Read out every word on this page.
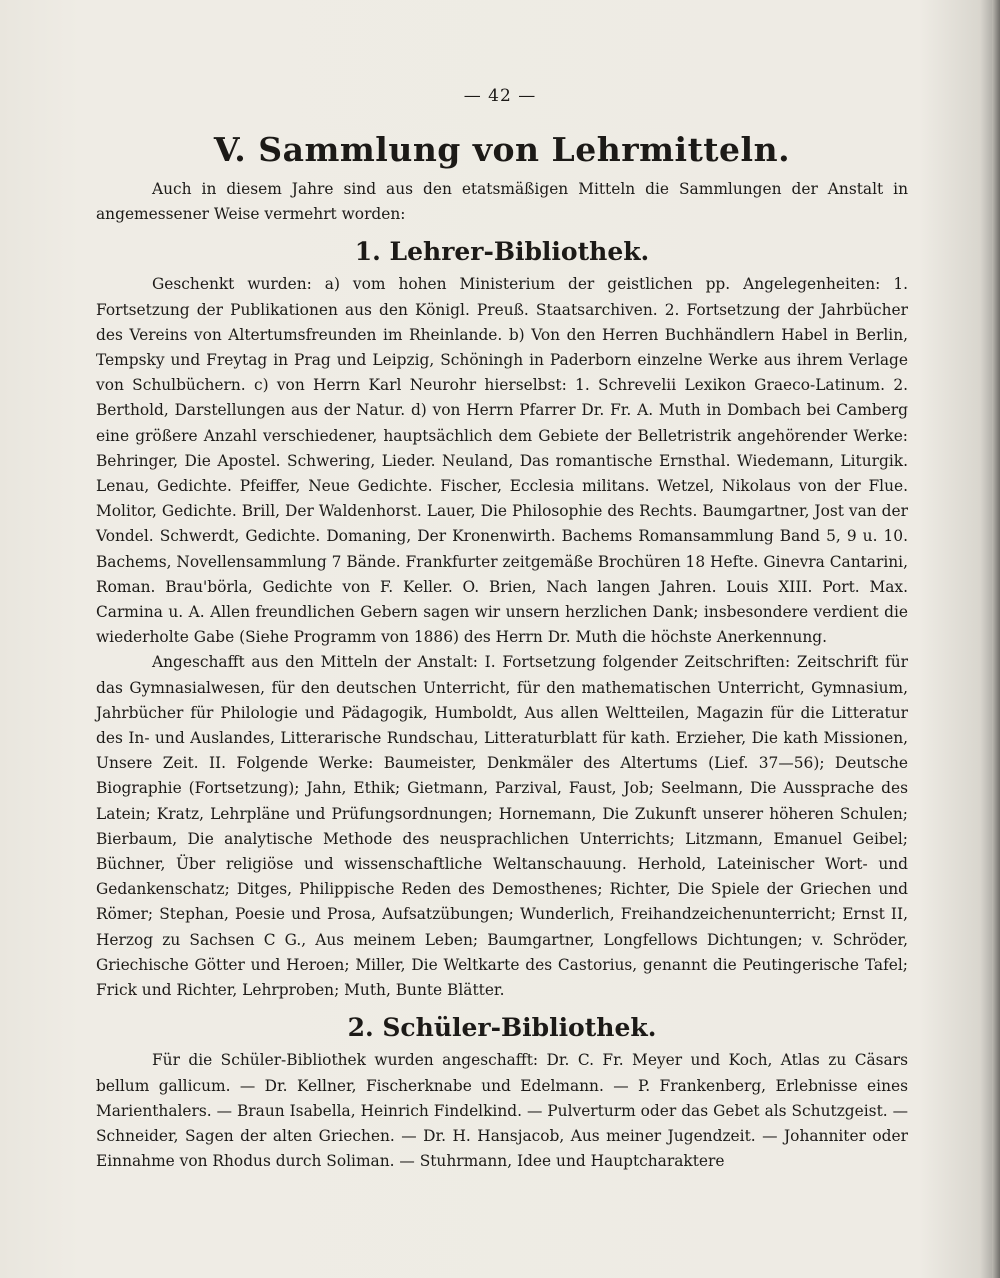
— 42 —
V. Sammlung von Lehrmitteln.

Auch in diesem Jahre sind aus den etatsmäßigen Mitteln die Sammlungen der Anstalt in angemessener Weise vermehrt worden:

1. Lehrer-Bibliothek.

Geschenkt wurden: a) vom hohen Ministerium der geistlichen pp. Angelegenheiten: 1. Fortsetzung der Publikationen aus den Königl. Preuß. Staatsarchiven. 2. Fortsetzung der Jahrbücher des Vereins von Altertumsfreunden im Rheinlande. b) Von den Herren Buchhändlern Habel in Berlin, Tempsky und Freytag in Prag und Leipzig, Schöningh in Paderborn einzelne Werke aus ihrem Verlage von Schulbüchern. c) von Herrn Karl Neurohr hierselbst: 1. Schrevelii Lexikon Graeco-Latinum. 2. Berthold, Darstellungen aus der Natur. d) von Herrn Pfarrer Dr. Fr. A. Muth in Dombach bei Camberg eine größere Anzahl verschiedener, hauptsächlich dem Gebiete der Belletristrik angehörender Werke: Behringer, Die Apostel. Schwering, Lieder. Neuland, Das romantische Ernsthal. Wiedemann, Liturgik. Lenau, Gedichte. Pfeiffer, Neue Gedichte. Fischer, Ecclesia militans. Wetzel, Nikolaus von der Flue. Molitor, Gedichte. Brill, Der Waldenhorst. Lauer, Die Philosophie des Rechts. Baumgartner, Jost van der Vondel. Schwerdt, Gedichte. Domaning, Der Kronenwirth. Bachems Romansammlung Band 5, 9 u. 10. Bachems, Novellensammlung 7 Bände. Frankfurter zeitgemäße Brochüren 18 Hefte. Ginevra Cantarini, Roman. Brau'börla, Gedichte von F. Keller. O. Brien, Nach langen Jahren. Louis XIII. Port. Max. Carmina u. A. Allen freundlichen Gebern sagen wir unsern herzlichen Dank; insbesondere verdient die wiederholte Gabe (Siehe Programm von 1886) des Herrn Dr. Muth die höchste Anerkennung.

Angeschafft aus den Mitteln der Anstalt: I. Fortsetzung folgender Zeitschriften: Zeitschrift für das Gymnasialwesen, für den deutschen Unterricht, für den mathematischen Unterricht, Gymnasium, Jahrbücher für Philologie und Pädagogik, Humboldt, Aus allen Weltteilen, Magazin für die Litteratur des In- und Auslandes, Litterarische Rundschau, Litteraturblatt für kath. Erzieher, Die kath Missionen, Unsere Zeit. II. Folgende Werke: Baumeister, Denkmäler des Altertums (Lief. 37—56); Deutsche Biographie (Fortsetzung); Jahn, Ethik; Gietmann, Parzival, Faust, Job; Seelmann, Die Aussprache des Latein; Kratz, Lehrpläne und Prüfungsordnungen; Hornemann, Die Zukunft unserer höheren Schulen; Bierbaum, Die analytische Methode des neusprachlichen Unterrichts; Litzmann, Emanuel Geibel; Büchner, Über religiöse und wissenschaftliche Weltanschauung. Herhold, Lateinischer Wort- und Gedankenschatz; Ditges, Philippische Reden des Demosthenes; Richter, Die Spiele der Griechen und Römer; Stephan, Poesie und Prosa, Aufsatzübungen; Wunderlich, Freihandzeichenunterricht; Ernst II, Herzog zu Sachsen C G., Aus meinem Leben; Baumgartner, Longfellows Dichtungen; v. Schröder, Griechische Götter und Heroen; Miller, Die Weltkarte des Castorius, genannt die Peutingerische Tafel; Frick und Richter, Lehrproben; Muth, Bunte Blätter.

2. Schüler-Bibliothek.

Für die Schüler-Bibliothek wurden angeschafft: Dr. C. Fr. Meyer und Koch, Atlas zu Cäsars bellum gallicum. — Dr. Kellner, Fischerknabe und Edelmann. — P. Frankenberg, Erlebnisse eines Marienthalers. — Braun Isabella, Heinrich Findelkind. — Pulverturm oder das Gebet als Schutzgeist. — Schneider, Sagen der alten Griechen. — Dr. H. Hansjacob, Aus meiner Jugendzeit. — Johanniter oder Einnahme von Rhodus durch Soliman. — Stuhrmann, Idee und Hauptcharaktere
